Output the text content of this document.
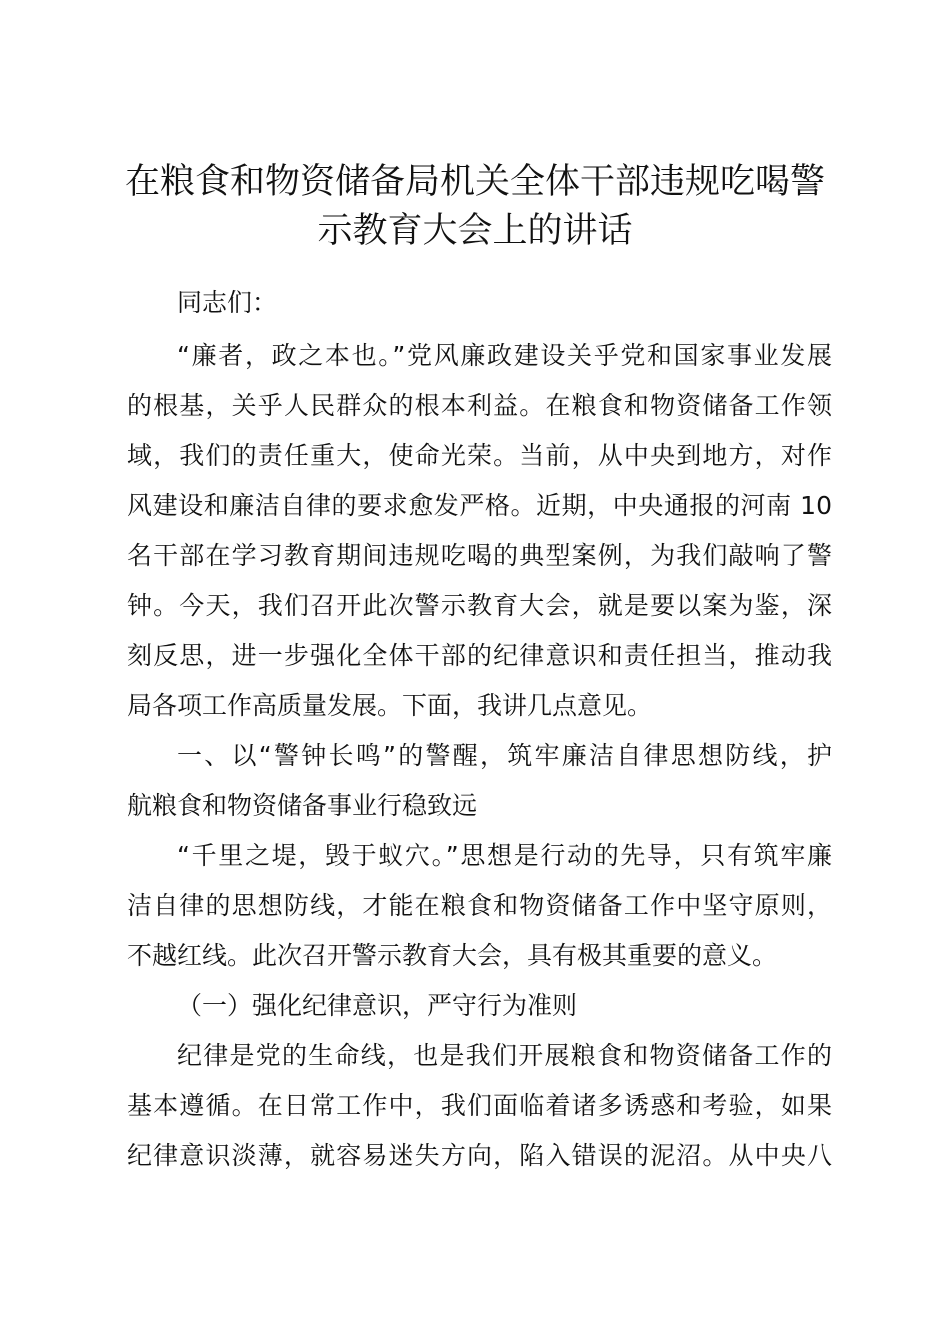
在粮食和物资储备局机关全体干部违规吃喝警
示教育大会上的讲话

同志们：

“廉者，政之本也。”党风廉政建设关乎党和国家事业发展

的根基，关乎人民群众的根本利益。在粮食和物资储备工作领

域，我们的责任重大，使命光荣。当前，从中央到地方，对作

风建设和廉洁自律的要求愈发严格。近期，中央通报的河南 10

名干部在学习教育期间违规吃喝的典型案例，为我们敲响了警

钟。今天，我们召开此次警示教育大会，就是要以案为鉴，深

刻反思，进一步强化全体干部的纪律意识和责任担当，推动我

局各项工作高质量发展。下面，我讲几点意见。

一、以“警钟长鸣”的警醒，筑牢廉洁自律思想防线，护

航粮食和物资储备事业行稳致远

“千里之堤，毁于蚁穴。”思想是行动的先导，只有筑牢廉

洁自律的思想防线，才能在粮食和物资储备工作中坚守原则，

不越红线。此次召开警示教育大会，具有极其重要的意义。

（一）强化纪律意识，严守行为准则

纪律是党的生命线，也是我们开展粮食和物资储备工作的

基本遵循。在日常工作中，我们面临着诸多诱惑和考验，如果

纪律意识淡薄，就容易迷失方向，陷入错误的泥沼。从中央八
